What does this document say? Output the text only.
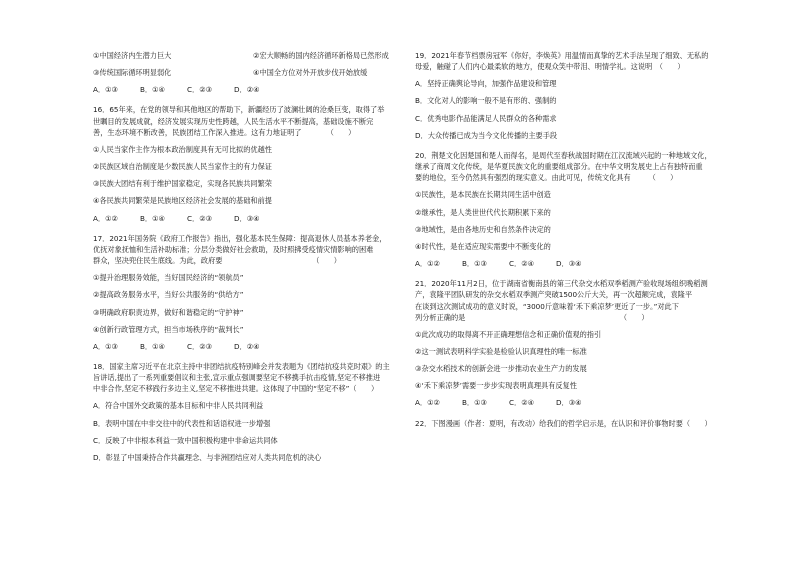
①中国经济内生潜力巨大	②宏大顺畅的国内经济循环新格局已然形成
③传统国际循环明显弱化	④中国全方位对外开放步伐开始放缓
A．①③	B．①④	C．②③	D．②④
16．65年来，在党的领导和其他地区的帮助下，新疆经历了波澜壮阔的沧桑巨变，取得了举
世瞩目的发展成就，经济发展实现历史性跨越，人民生活水平不断提高，基础设施不断完
善，生态环境不断改善，民族团结工作深入推进。这有力地证明了　　　　（　　）
①人民当家作主作为根本政治制度具有无可比拟的优越性
②民族区域自治制度是少数民族人民当家作主的有力保证
③民族大团结有利于维护国家稳定，实现各民族共同繁荣
④各民族共同繁荣是民族地区经济社会发展的基础和前提
A．①②	B．①④	C．②③	D．③④
17．2021年国务院《政府工作报告》指出，强化基本民生保障：提高退休人员基本养老金，
优抚对象抚恤和生活补助标准；分层分类做好社会救助，及时照拂受疫情灾情影响的困难
群众，坚决兜住民生底线。为此，政府要　　　　　　　　　　　　　（　　）
①提升治理服务效能，当好国民经济的“领航员”
②提高政务服务水平，当好公共服务的“供给方”
③明确政府职责边界，做好和谐稳定的“守护神”
④创新行政管理方式，担当市场秩序的“裁判长”
A．①③	B．①④	C．②③	D．②④
18．国家主席习近平在北京主持中非团结抗疫特别峰会并发表题为《团结抗疫共克时艰》的主
旨讲话,提出了一系列重要倡议和主张,宣示重点强调要坚定不移携手抗击疫情,坚定不移推进
中非合作,坚定不移践行多边主义,坚定不移推进共建。这体现了中国的“坚定不移”（　　）
A．符合中国外交政策的基本目标和中非人民共同利益
B．表明中国在中非交往中的代表性和话语权进一步增强
C．反映了中非根本利益一致中国积极构建中非命运共同体
D．彰显了中国秉持合作共赢理念、与非洲团结应对人类共同危机的决心
19．2021年春节档票房冠军《你好，李焕英》用温情而真挚的艺术手法呈现了细致、无私的
母爱，触碰了人们内心最柔软的地方，使观众笑中带泪、明情学礼。这说明　（　　）
A．坚持正确舆论导向，加强作品建设和管理
B．文化对人的影响一般不是有形的、强制的
C．优秀电影作品能满足人民群众的各种需求
D．大众传播已成为当今文化传播的主要手段
20．荆楚文化因楚国和楚人而得名，是周代至春秋战国时期在江汉流域兴起的一种地域文化，
继承了商周文化传统，是华夏民族文化的重要组成部分。在中华文明发展史上占有独特而重
要的地位，至今仍然具有强烈的现实意义。由此可见，传统文化具有　　　（　　）
①民族性，是本民族在长期共同生活中创造
②继承性，是人类世世代代长期积累下来的
③地域性，是由各地历史和自然条件决定的
④时代性，是在适应现实需要中不断变化的
A．①②	B．①③	C．②④	D．③④
21．2020年11月2日，位于湖南省衡南县的第三代杂交水稻双季稻测产验收现场组织晚稻测
产，袁隆平团队研发的杂交水稻双季测产突破1500公斤大关，再一次超额完成，袁隆平
在谈到这次测试成功的意义时说，“3000斤意味着‘禾下乘凉梦’更近了一步。”对此下
列分析正确的是　　　　　　　　　　　　　　　　　　　　　　（　　）
①此次成功的取得离不开正确理想信念和正确价值观的指引
②这一测试表明科学实验是检验认识真理性的唯一标准
③杂交水稻技术的创新会进一步推动农业生产力的发展
④‘禾下乘凉梦’需要一步步实现表明真理具有反复性
A．①②	B．①③	C．②④	D．③④
22．下图漫画（作者：夏明，有改动）给我们的哲学启示是，在认识和评价事物时要（　　）
